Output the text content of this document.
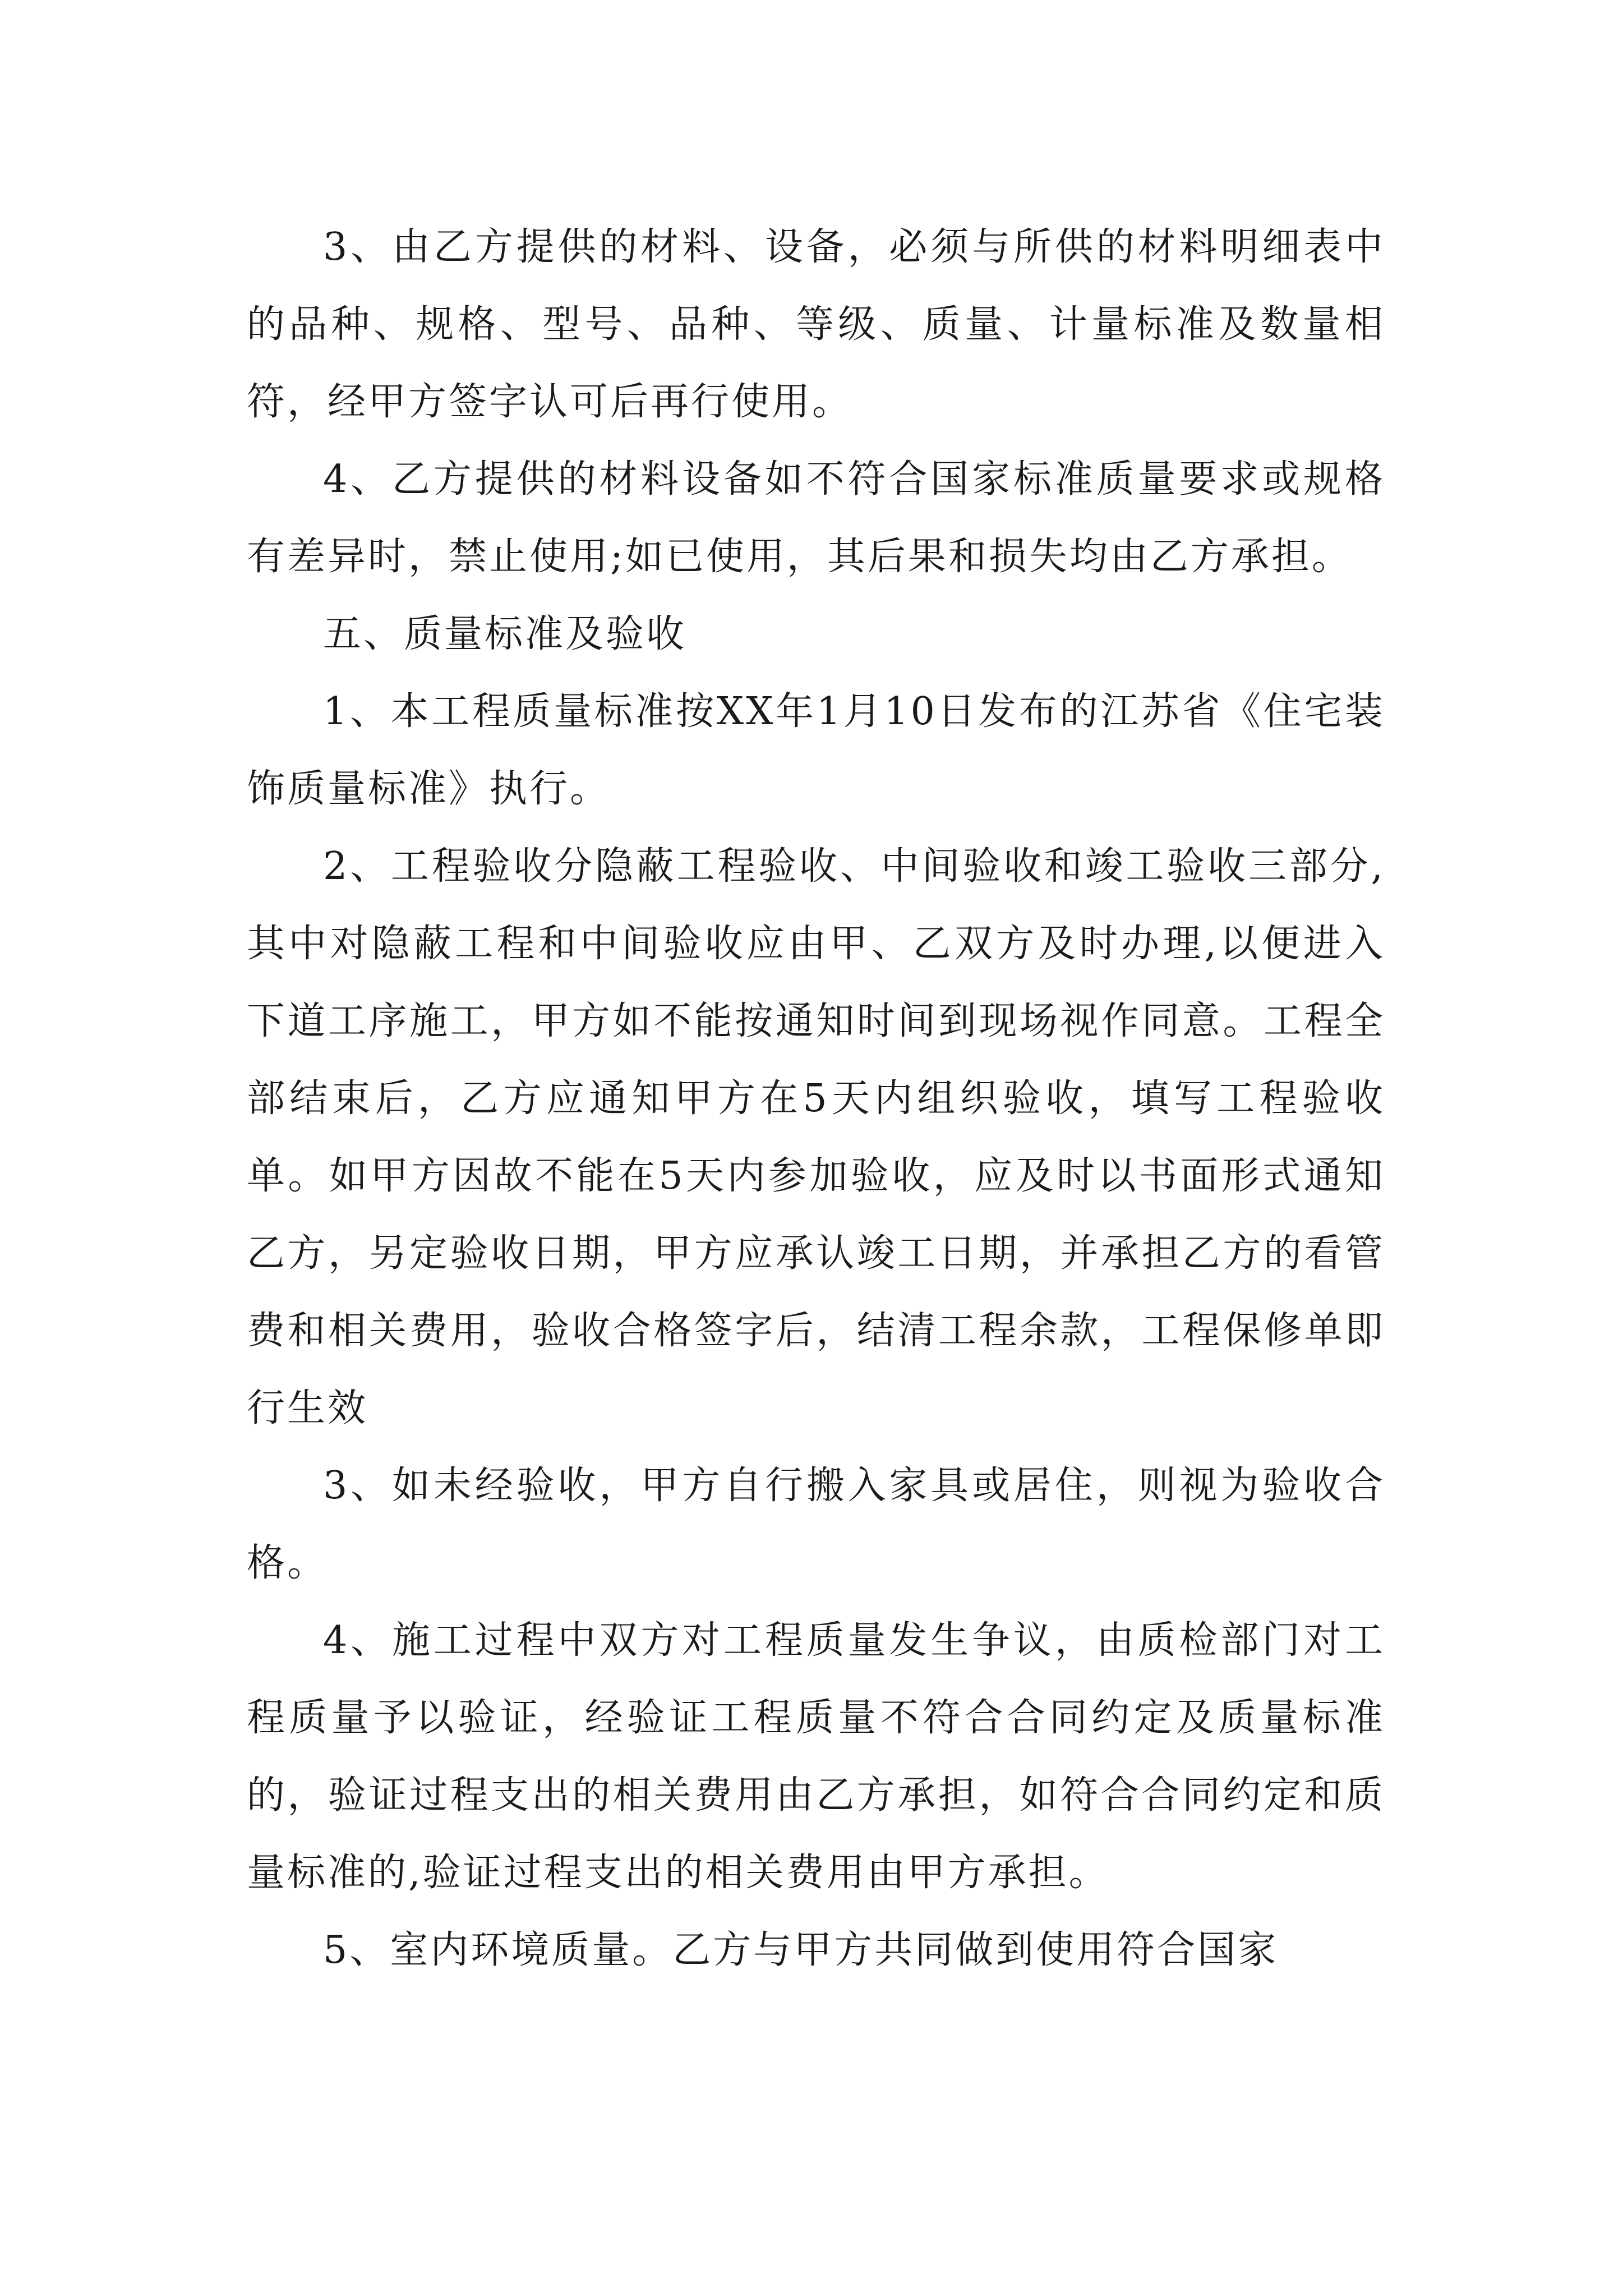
3、由乙方提供的材料、设备，必须与所供的材料明细表中的品种、规格、型号、品种、等级、质量、计量标准及数量相符，经甲方签字认可后再行使用。

4、乙方提供的材料设备如不符合国家标准质量要求或规格有差异时，禁止使用;如已使用，其后果和损失均由乙方承担。

五、质量标准及验收

1、本工程质量标准按XX年1月10日发布的江苏省《住宅装饰质量标准》执行。

2、工程验收分隐蔽工程验收、中间验收和竣工验收三部分,其中对隐蔽工程和中间验收应由甲、乙双方及时办理,以便进入下道工序施工，甲方如不能按通知时间到现场视作同意。工程全部结束后，乙方应通知甲方在5天内组织验收，填写工程验收单。如甲方因故不能在5天内参加验收，应及时以书面形式通知乙方，另定验收日期，甲方应承认竣工日期，并承担乙方的看管费和相关费用，验收合格签字后，结清工程余款，工程保修单即行生效

3、如未经验收，甲方自行搬入家具或居住，则视为验收合格。

4、施工过程中双方对工程质量发生争议，由质检部门对工程质量予以验证，经验证工程质量不符合合同约定及质量标准的，验证过程支出的相关费用由乙方承担，如符合合同约定和质量标准的,验证过程支出的相关费用由甲方承担。

5、室内环境质量。乙方与甲方共同做到使用符合国家
